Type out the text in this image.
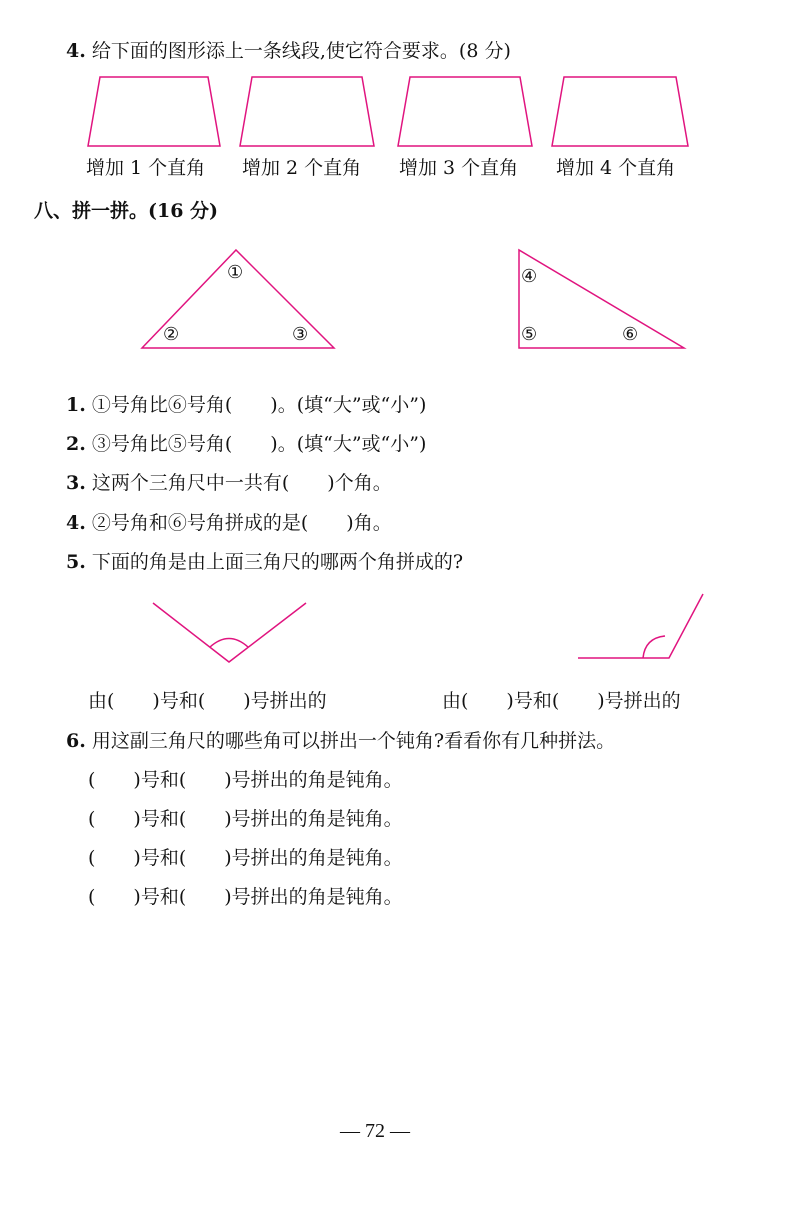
4. 给下面的图形添上一条线段,使它符合要求。(8 分)
增加 1 个直角 增加 2 个直角 增加 3 个直角 增加 4 个直角
八、拼一拼。(16 分)
①
②	③
④
⑤	⑥
1. ①号角比⑥号角(　　)。(填“大”或“小”)
2. ③号角比⑤号角(　　)。(填“大”或“小”)
3. 这两个三角尺中一共有(　　)个角。
4. ②号角和⑥号角拼成的是(　　)角。
5. 下面的角是由上面三角尺的哪两个角拼成的?
由(　　)号和(　　)号拼出的	由(　　)号和(　　)号拼出的
6. 用这副三角尺的哪些角可以拼出一个钝角?看看你有几种拼法。
(　　)号和(　　)号拼出的角是钝角。
(　　)号和(　　)号拼出的角是钝角。
(　　)号和(　　)号拼出的角是钝角。
(　　)号和(　　)号拼出的角是钝角。
— 72 —
